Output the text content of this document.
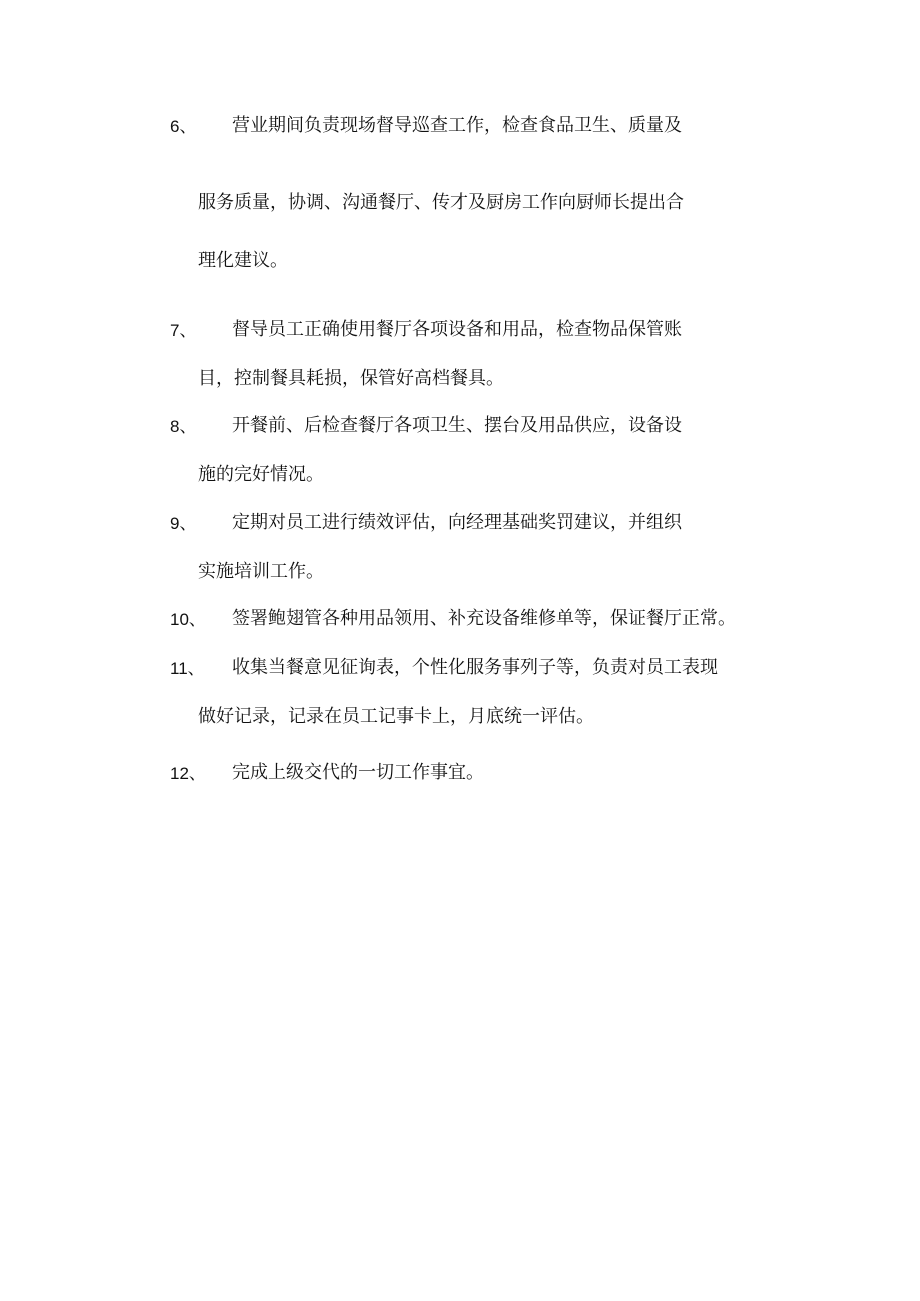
6、 营业期间负责现场督导巡查工作，检查食品卫生、质量及
服务质量，协调、沟通餐厅、传才及厨房工作向厨师长提出合
理化建议。
7、 督导员工正确使用餐厅各项设备和用品，检查物品保管账
目，控制餐具耗损，保管好高档餐具。
8、 开餐前、后检查餐厅各项卫生、摆台及用品供应，设备设
施的完好情况。
9、 定期对员工进行绩效评估，向经理基础奖罚建议，并组织
实施培训工作。
10、 签署鲍翅管各种用品领用、补充设备维修单等，保证餐厅正常。
11、 收集当餐意见征询表，个性化服务事列子等，负责对员工表现
做好记录，记录在员工记事卡上，月底统一评估。
12、 完成上级交代的一切工作事宜。
